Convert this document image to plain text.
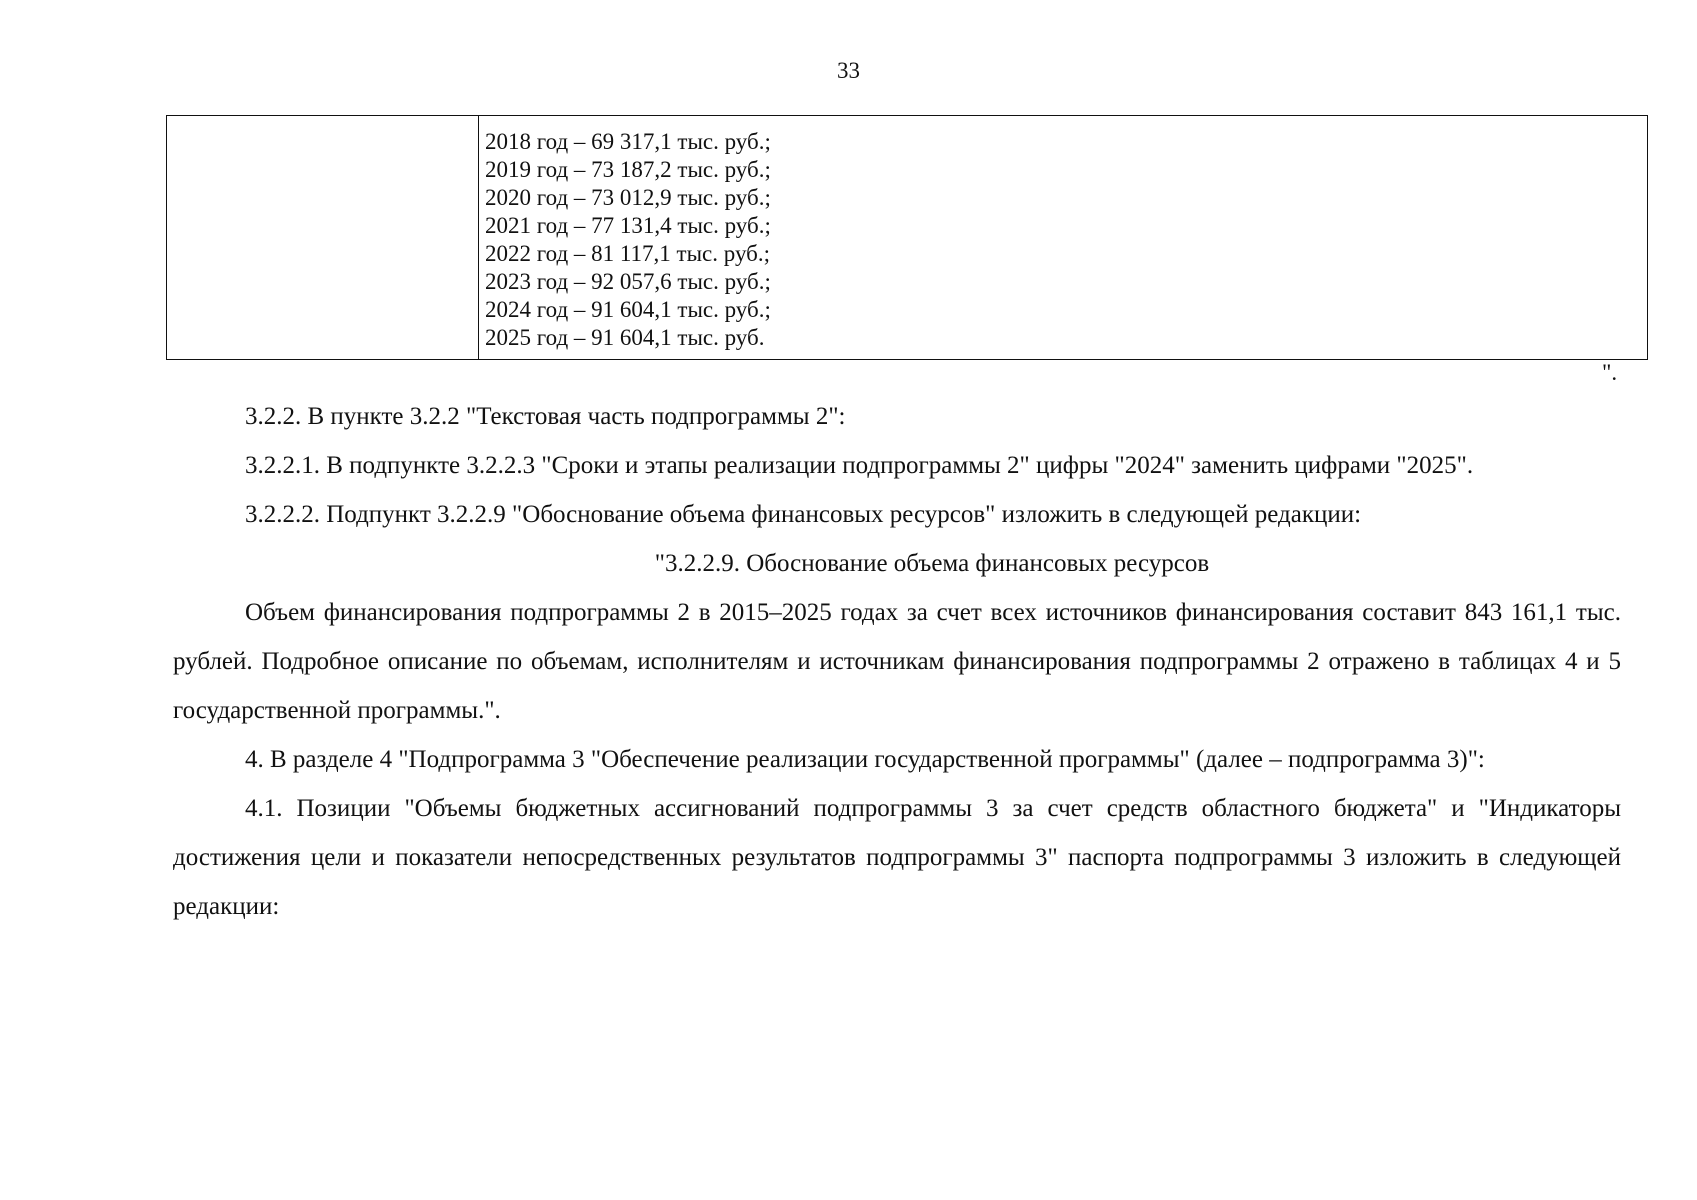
33
2018 год – 69 317,1 тыс. руб.;
2019 год – 73 187,2 тыс. руб.;
2020 год – 73 012,9 тыс. руб.;
2021 год – 77 131,4 тыс. руб.;
2022 год – 81 117,1 тыс. руб.;
2023 год – 92 057,6 тыс. руб.;
2024 год – 91 604,1 тыс. руб.;
2025 год – 91 604,1 тыс. руб.
".

3.2.2. В пункте 3.2.2 "Текстовая часть подпрограммы 2":

3.2.2.1. В подпункте 3.2.2.3 "Сроки и этапы реализации подпрограммы 2" цифры "2024" заменить цифрами "2025".

3.2.2.2. Подпункт 3.2.2.9 "Обоснование объема финансовых ресурсов" изложить в следующей редакции:

"3.2.2.9. Обоснование объема финансовых ресурсов

Объем финансирования подпрограммы 2 в 2015–2025 годах за счет всех источников финансирования составит 843 161,1 тыс. рублей. Подробное описание по объемам, исполнителям и источникам финансирования подпрограммы 2 отражено в таблицах 4 и 5 государственной программы.".

4. В разделе 4 "Подпрограмма 3 "Обеспечение реализации государственной программы" (далее – подпрограмма 3)":

4.1. Позиции "Объемы бюджетных ассигнований подпрограммы 3 за счет средств областного бюджета" и "Индикаторы достижения цели и показатели непосредственных результатов подпрограммы 3" паспорта подпрограммы 3 изложить в следующей редакции:
